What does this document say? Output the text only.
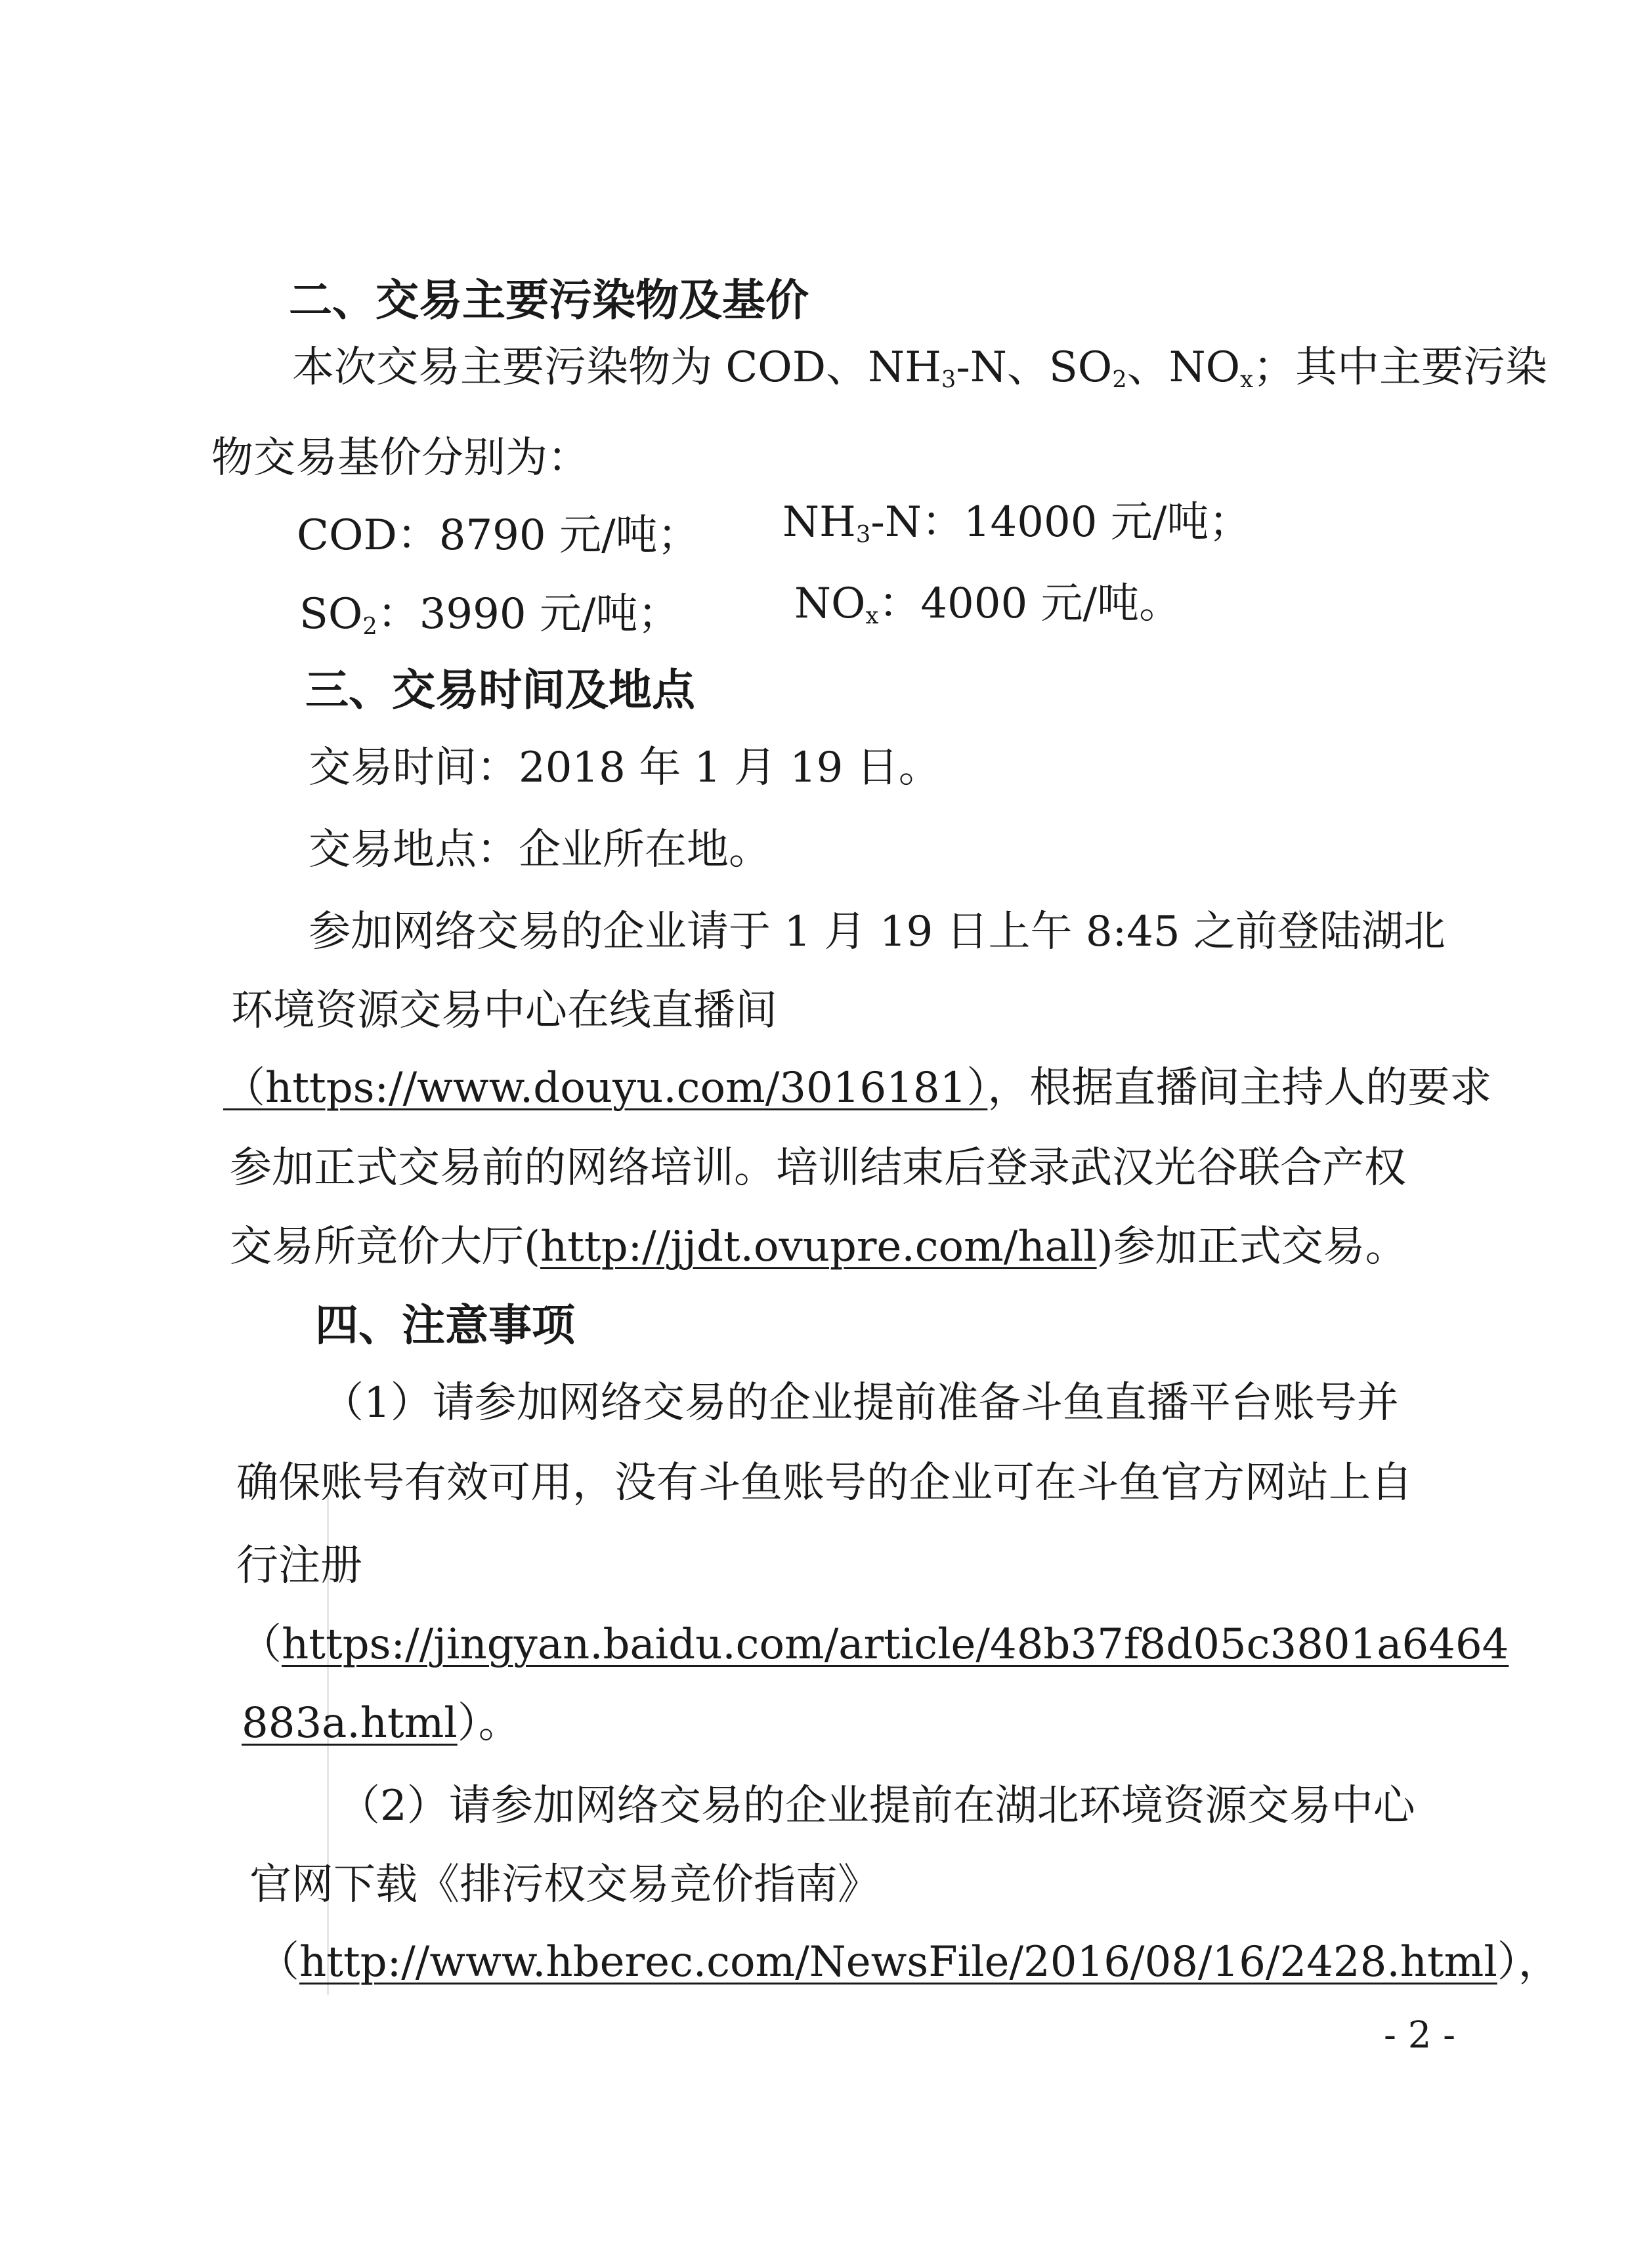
二、交易主要污染物及基价
本次交易主要污染物为 COD、$NH_3-N$、$SO_2$、$NO_x$；其中主要污染
物交易基价分别为：
COD：8790 元/吨； $NH_3-N$：14000 元/吨；
$SO_2$：3990 元/吨；	$NO_x$：4000 元/吨。
三、交易时间及地点
交易时间：2018 年 1 月 19 日。
交易地点：企业所在地。
参加网络交易的企业请于 1 月 19 日上午 8:45 之前登陆湖北
环境资源交易中心在线直播间
（https://www.douyu.com/3016181），根据直播间主持人的要求
参加正式交易前的网络培训。培训结束后登录武汉光谷联合产权
交易所竞价大厅(http://jjdt.ovupre.com/hall)参加正式交易。
四、注意事项
（1）请参加网络交易的企业提前准备斗鱼直播平台账号并
确保账号有效可用，没有斗鱼账号的企业可在斗鱼官方网站上自
行注册
（https://jingyan.baidu.com/article/48b37f8d05c3801a6464
883a.html）。
（2）请参加网络交易的企业提前在湖北环境资源交易中心
官网下载《排污权交易竞价指南》
（http://www.hberec.com/NewsFile/2016/08/16/2428.html），
- 2 -
